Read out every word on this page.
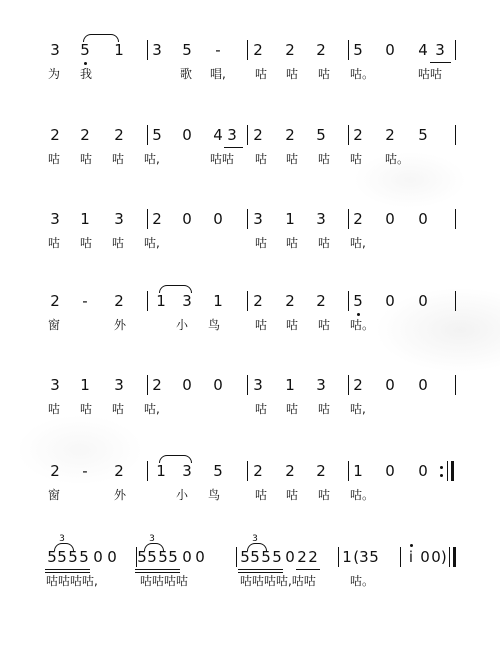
3 5 1 3 5	-	2 2 2 5 0 4 3
为 我	歌 唱, 咕 咕 咕 咕。	咕咕
2 2 2 5 0 4 3 2 2 5 2 2 5
咕 咕 咕 咕,	咕咕 咕 咕 咕 咕 咕。
3 1 3 2 0 0 3 1 3 2 0 0
咕 咕 咕 咕,	咕 咕 咕 咕,
2	-	2 1 3 1 2 2 2 5 0 0
窗	外	小 鸟	咕 咕 咕 咕。
3 1 3 2 0 0 3 1 3 2 0 0
咕 咕 咕 咕,	咕 咕 咕 咕,
2	-	2 1 3 5 2 2 2 1 0 0
窗	外	小 鸟	咕 咕 咕 咕。
5 5 5 5 0 0 5 5 5 5 0 0 5 5 5 5 0 2 2 1 (3 5	i 0 0)
3	3	3
咕咕咕咕,	咕咕咕咕	咕咕咕咕,咕咕	咕。
